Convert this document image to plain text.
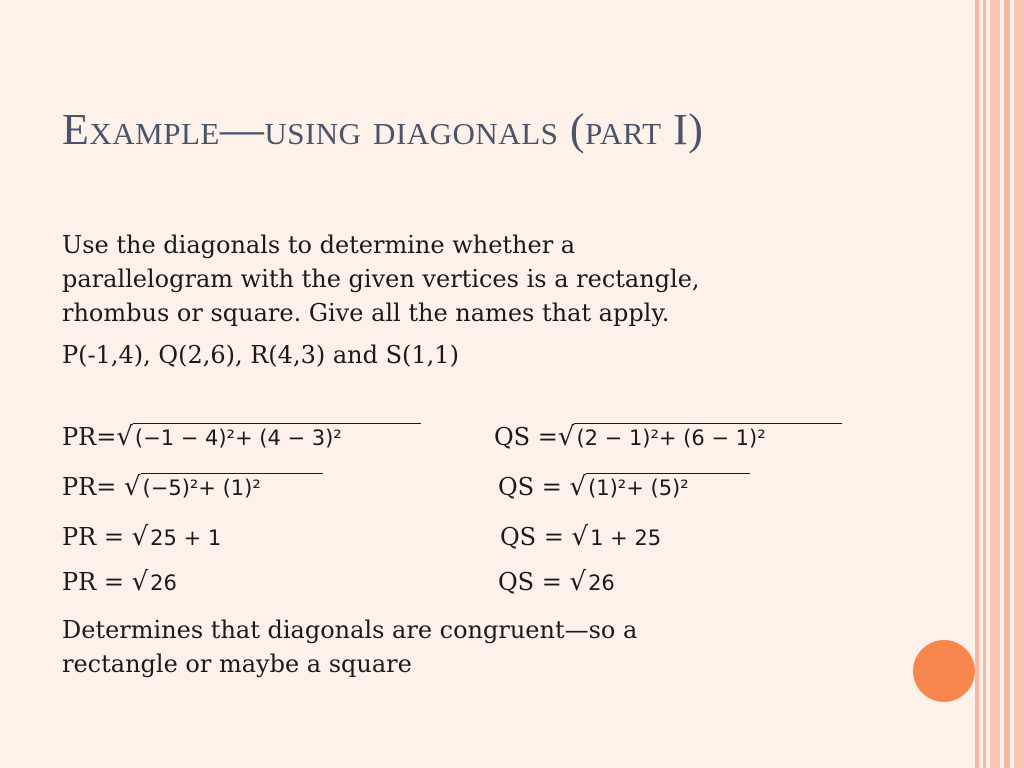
Example—using diagonals (part I)
Use the diagonals to determine whether a
parallelogram with the given vertices is a rectangle,
rhombus or square. Give all the names that apply.
P(-1,4), Q(2,6), R(4,3) and S(1,1)
PR=√(−1 − 4)²+ (4 − 3)²	QS =√(2 − 1)²+ (6 − 1)²
PR= √(−5)²+ (1)²	QS = √(1)²+ (5)²
PR = √25 + 1	QS = √1 + 25
PR = √26	QS = √26
Determines that diagonals are congruent—so a
rectangle or maybe a square
